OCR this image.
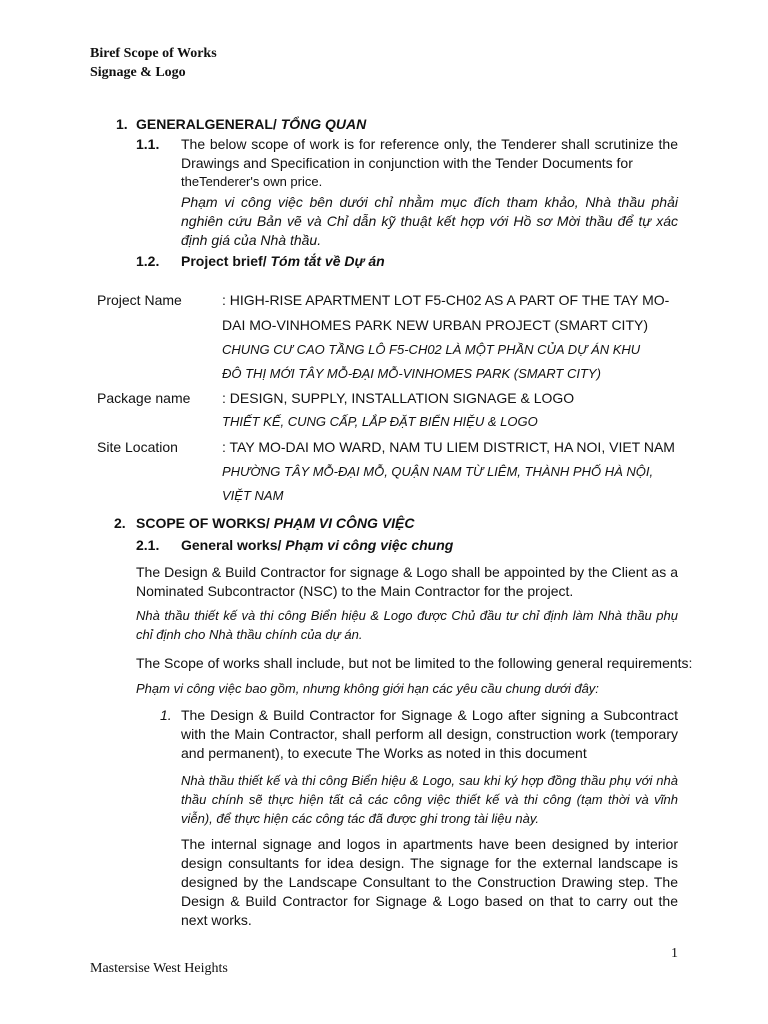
Biref Scope of Works
Signage & Logo
1. GENERALGENERAL/ TỔNG QUAN
1.1. The below scope of work is for reference only, the Tenderer shall scrutinize the Drawings and Specification in conjunction with the Tender Documents for
theTenderer's own price.
Phạm vi công việc bên dưới chỉ nhằm mục đích tham khảo, Nhà thầu phải nghiên cứu Bản vẽ và Chỉ dẫn kỹ thuật kết hợp với Hồ sơ Mời thầu để tự xác định giá của Nhà thầu.
1.2. Project brief/ Tóm tắt về Dự án
Project Name	: HIGH-RISE APARTMENT LOT F5-CH02 AS A PART OF THE TAY MO-
DAI MO-VINHOMES PARK NEW URBAN PROJECT (SMART CITY)
CHUNG CƯ CAO TẦNG LÔ F5-CH02 LÀ MỘT PHẦN CỦA DỰ ÁN KHU
ĐÔ THỊ MỚI TÂY MỖ-ĐẠI MỖ-VINHOMES PARK (SMART CITY)
Package name : DESIGN, SUPPLY, INSTALLATION SIGNAGE & LOGO
THIẾT KẾ, CUNG CẤP, LẮP ĐẶT BIỂN HIỆU & LOGO
Site Location	: TAY MO-DAI MO WARD, NAM TU LIEM DISTRICT, HA NOI, VIET NAM
PHƯỜNG TÂY MỖ-ĐẠI MỖ, QUẬN NAM TỪ LIÊM, THÀNH PHỐ HÀ NỘI,
VIỆT NAM
2. SCOPE OF WORKS/ PHẠM VI CÔNG VIỆC
2.1. General works/ Phạm vi công việc chung
The Design & Build Contractor for signage & Logo shall be appointed by the Client as a Nominated Subcontractor (NSC) to the Main Contractor for the project.
Nhà thầu thiết kế và thi công Biển hiệu & Logo được Chủ đầu tư chỉ định làm Nhà thầu phụ chỉ định cho Nhà thầu chính của dự án.
The Scope of works shall include, but not be limited to the following general requirements:
Phạm vi công việc bao gồm, nhưng không giới hạn các yêu cầu chung dưới đây:
1. The Design & Build Contractor for Signage & Logo after signing a Subcontract with the Main Contractor, shall perform all design, construction work (temporary and permanent), to execute The Works as noted in this document
Nhà thầu thiết kế và thi công Biển hiệu & Logo, sau khi ký hợp đồng thầu phụ với nhà thầu chính sẽ thực hiện tất cả các công việc thiết kế và thi công (tạm thời và vĩnh viễn), để thực hiện các công tác đã được ghi trong tài liệu này.
The internal signage and logos in apartments have been designed by interior design consultants for idea design. The signage for the external landscape is designed by the Landscape Consultant to the Construction Drawing step. The Design & Build Contractor for Signage & Logo based on that to carry out the next works.
1
Mastersise West Heights
